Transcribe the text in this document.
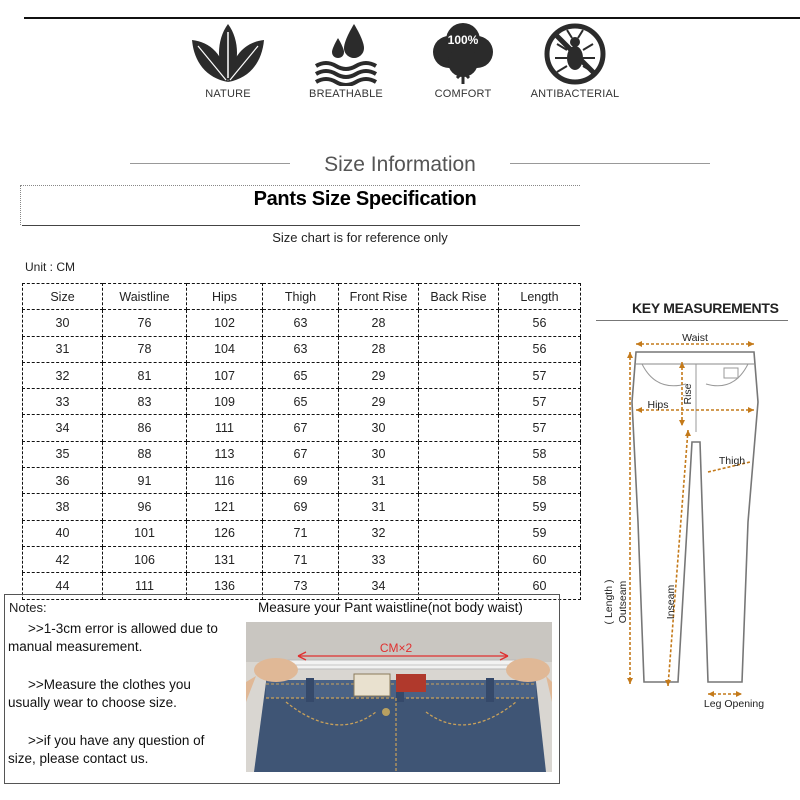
NATURE	BREATHABLE
100%
COMFORT	ANTIBACTERIAL
Size Information
Pants Size Specification
Size chart is for reference only
Unit : CM
Size	Waistline	Hips	Thigh	Front Rise	Back Rise	Length
30	76	102	63	28		56
31	78	104	63	28		56
32	81	107	65	29		57
33	83	109	65	29		57
34	86	111	67	30		57
35	88	113	67	30		58
36	91	116	69	31		58
38	96	121	69	31		59
40	101	126	71	32		59
42	106	131	71	33		60
44	111	136	73	34		60
Notes:
>>1-3cm error is allowed due to manual measurement.
>>Measure the clothes you usually wear to choose size.
>>if you have any question of size, please contact us.
Measure your Pant waistline(not body waist)
CM×2
KEY MEASUREMENTS
Waist
Rise
Hips
Thigh
( Length ) Outseam	Inseam
Leg Opening
